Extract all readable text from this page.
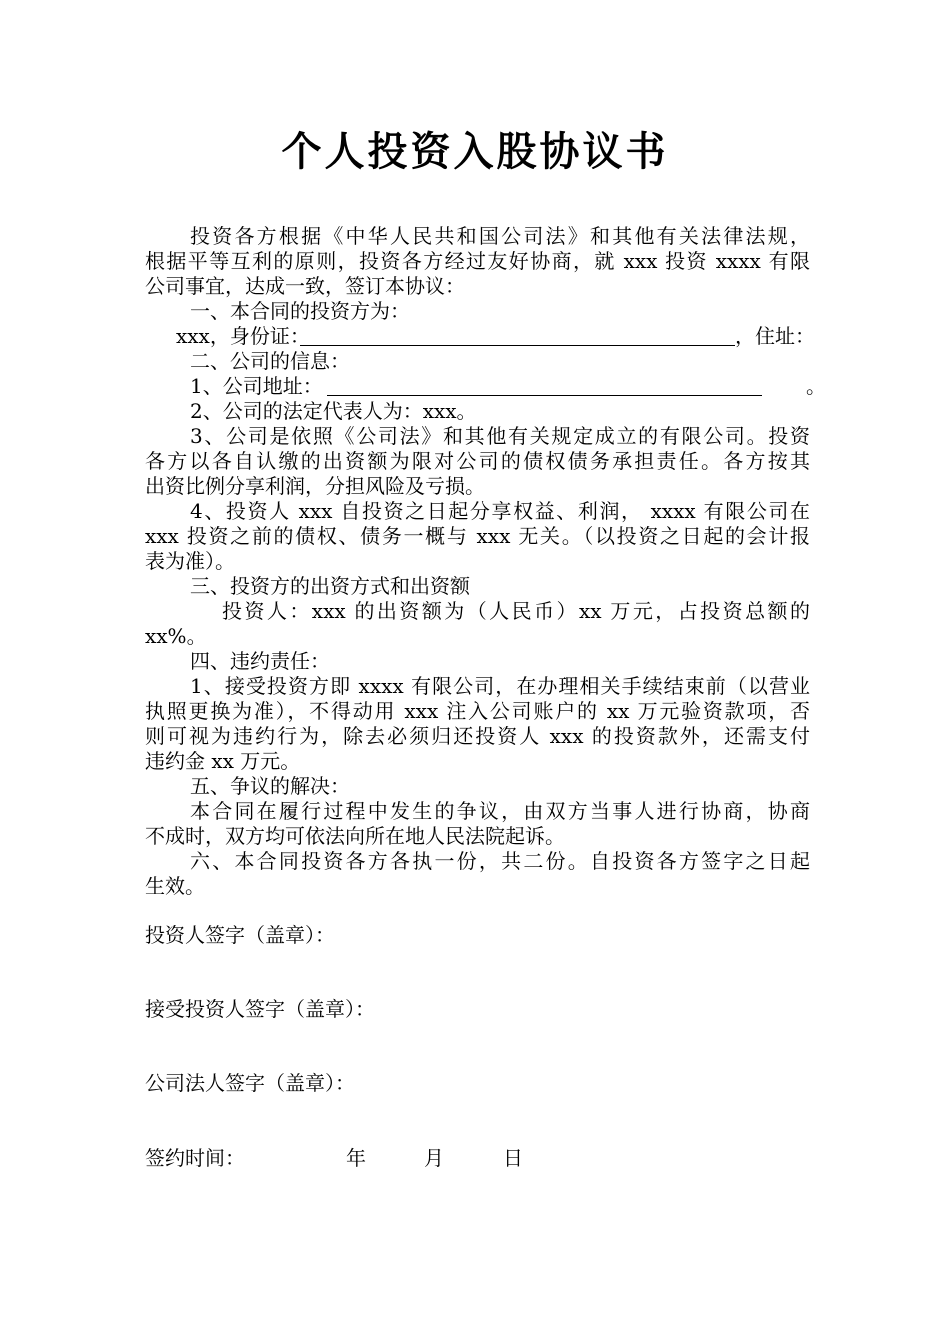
个人投资入股协议书
投资各方根据《中华人民共和国公司法》和其他有关法律法规，
根据平等互利的原则，投资各方经过友好协商，就 xxx 投资 xxxx 有限
公司事宜，达成一致，签订本协议：
一、本合同的投资方为：
xxx，身份证：	，住址：
二、公司的信息：
1、公司地址：	。
2、公司的法定代表人为：xxx。
3、公司是依照《公司法》和其他有关规定成立的有限公司。投资
各方以各自认缴的出资额为限对公司的债权债务承担责任。各方按其
出资比例分享利润，分担风险及亏损。
4、投资人 xxx 自投资之日起分享权益、利润， xxxx 有限公司在
xxx 投资之前的债权、债务一概与 xxx 无关。（以投资之日起的会计报
表为准）。
三、投资方的出资方式和出资额
投资人：xxx 的出资额为（人民币）xx 万元，占投资总额的
xx%。
四、违约责任：
1、接受投资方即 xxxx 有限公司，在办理相关手续结束前（以营业
执照更换为准），不得动用 xxx 注入公司账户的 xx 万元验资款项，否
则可视为违约行为，除去必须归还投资人 xxx 的投资款外，还需支付
违约金 xx 万元。
五、争议的解决：
本合同在履行过程中发生的争议，由双方当事人进行协商，协商
不成时，双方均可依法向所在地人民法院起诉。
六、本合同投资各方各执一份，共二份。自投资各方签字之日起
生效。
投资人签字（盖章）：
接受投资人签字（盖章）：
公司法人签字（盖章）：
签约时间：	年	月	日
